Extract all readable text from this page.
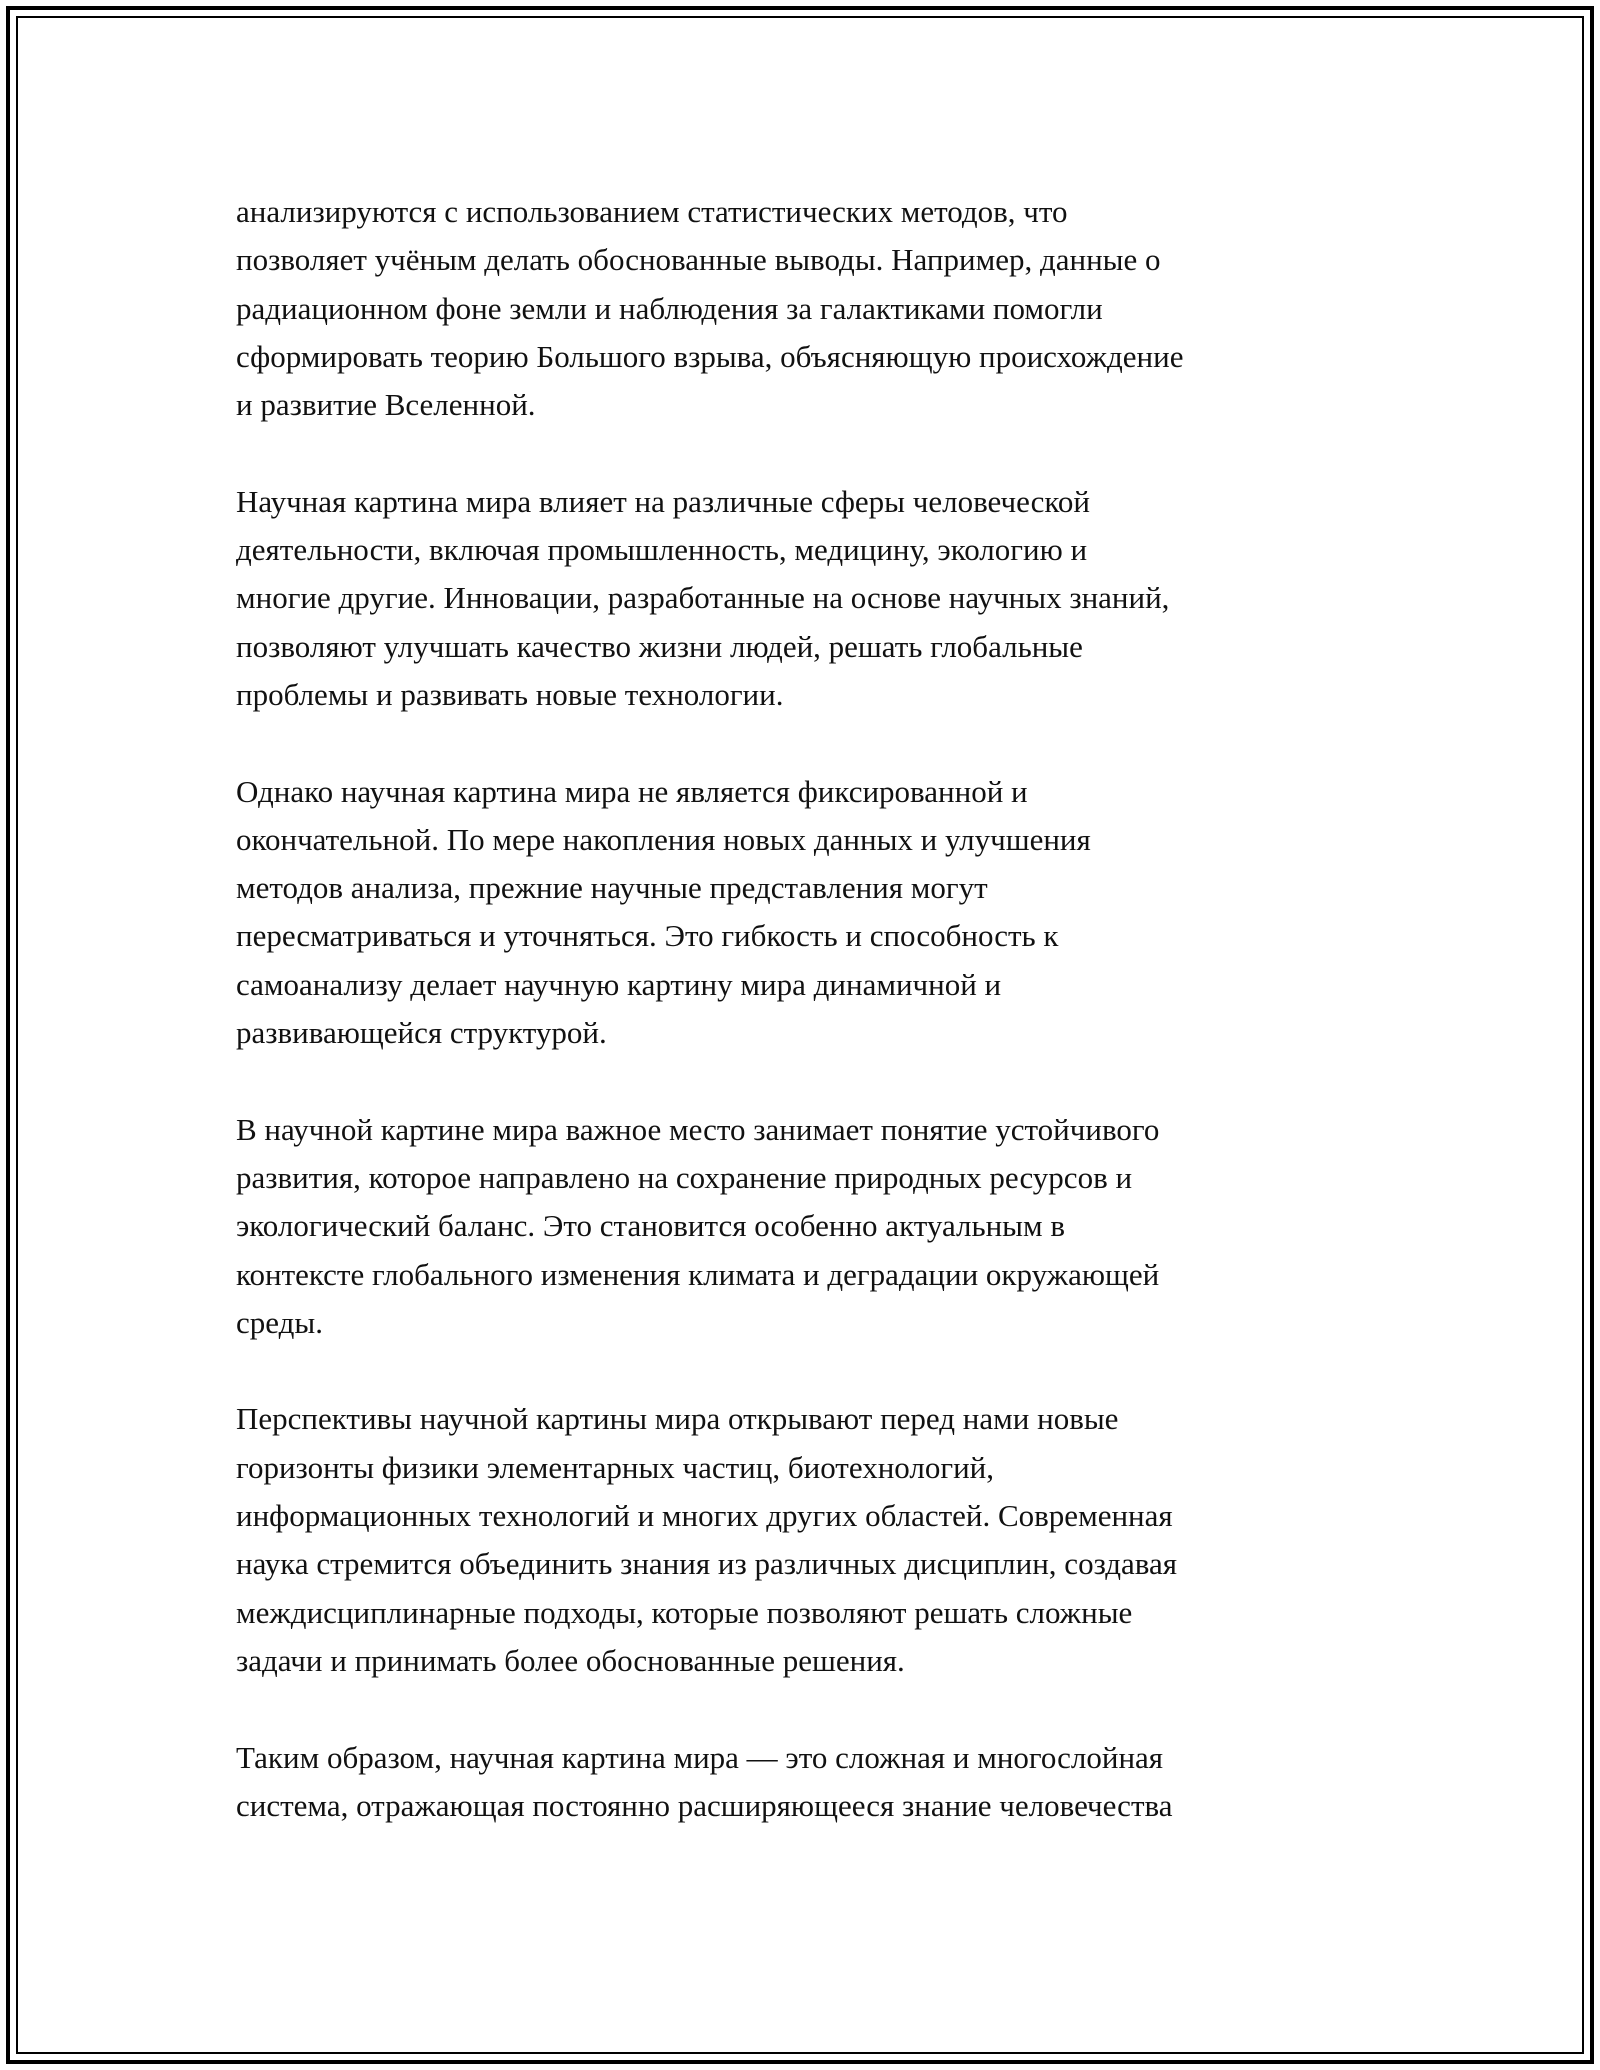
анализируются с использованием статистических методов, что
позволяет учёным делать обоснованные выводы. Например, данные о
радиационном фоне земли и наблюдения за галактиками помогли
сформировать теорию Большого взрыва, объясняющую происхождение
и развитие Вселенной.

Научная картина мира влияет на различные сферы человеческой
деятельности, включая промышленность, медицину, экологию и
многие другие. Инновации, разработанные на основе научных знаний,
позволяют улучшать качество жизни людей, решать глобальные
проблемы и развивать новые технологии.

Однако научная картина мира не является фиксированной и
окончательной. По мере накопления новых данных и улучшения
методов анализа, прежние научные представления могут
пересматриваться и уточняться. Это гибкость и способность к
самоанализу делает научную картину мира динамичной и
развивающейся структурой.

В научной картине мира важное место занимает понятие устойчивого
развития, которое направлено на сохранение природных ресурсов и
экологический баланс. Это становится особенно актуальным в
контексте глобального изменения климата и деградации окружающей
среды.

Перспективы научной картины мира открывают перед нами новые
горизонты физики элементарных частиц, биотехнологий,
информационных технологий и многих других областей. Современная
наука стремится объединить знания из различных дисциплин, создавая
междисциплинарные подходы, которые позволяют решать сложные
задачи и принимать более обоснованные решения.

Таким образом, научная картина мира — это сложная и многослойная
система, отражающая постоянно расширяющееся знание человечества
